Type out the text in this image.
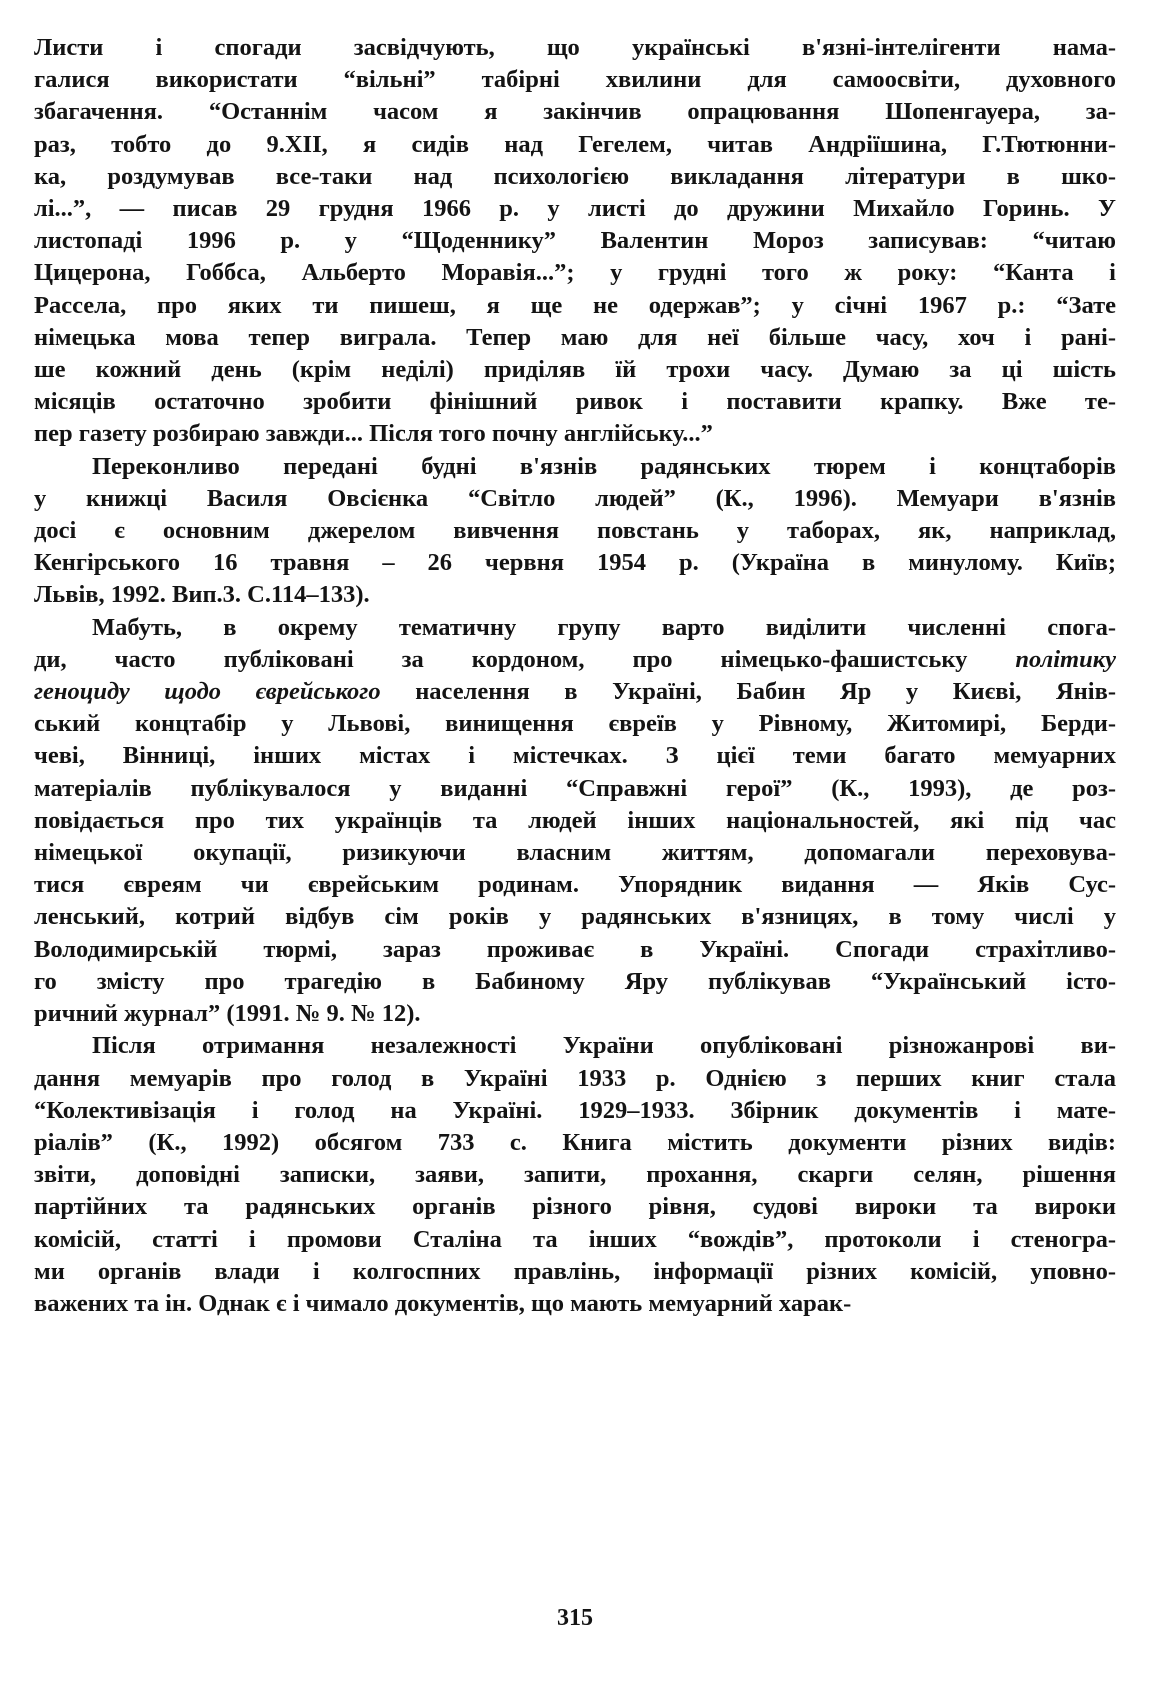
Листи і спогади засвідчують, що українські в'язні-інтелігенти нама-
галися використати “вільні” табірні хвилини для самоосвіти, духовного
збагачення. “Останнім часом я закінчив опрацювання Шопенгауера, за-
раз, тобто до 9.ХІІ, я сидів над Гегелем, читав Андріїшина, Г.Тютюнни-
ка, роздумував все-таки над психологією викладання літератури в шко-
лі...”, — писав 29 грудня 1966 р. у листі до дружини Михайло Горинь. У
листопаді 1996 р. у “Щоденнику” Валентин Мороз записував: “читаю
Цицерона, Гоббса, Альберто Моравія...”; у грудні того ж року: “Канта і
Рассела, про яких ти пишеш, я ще не одержав”; у січні 1967 р.: “Зате
німецька мова тепер виграла. Тепер маю для неї більше часу, хоч і рані-
ше кожний день (крім неділі) приділяв їй трохи часу. Думаю за ці шість
місяців остаточно зробити фінішний ривок і поставити крапку. Вже те-
пер газету розбираю завжди... Після того почну англійську...”
Переконливо передані будні в'язнів радянських тюрем і концтаборів
у книжці Василя Овсієнка “Світло людей” (К., 1996). Мемуари в'язнів
досі є основним джерелом вивчення повстань у таборах, як, наприклад,
Кенгірського 16 травня – 26 червня 1954 р. (Україна в минулому. Київ;
Львів, 1992. Вип.3. С.114–133).
Мабуть, в окрему тематичну групу варто виділити численні спога-
ди, часто публіковані за кордоном, про німецько-фашистську політику
геноциду щодо єврейського населення в Україні, Бабин Яр у Києві, Янів-
ський концтабір у Львові, винищення євреїв у Рівному, Житомирі, Берди-
чеві, Вінниці, інших містах і містечках. З цієї теми багато мемуарних
матеріалів публікувалося у виданні “Справжні герої” (К., 1993), де роз-
повідається про тих українців та людей інших національностей, які під час
німецької окупації, ризикуючи власним життям, допомагали переховува-
тися євреям чи єврейським родинам. Упорядник видання — Яків Сус-
ленський, котрий відбув сім років у радянських в'язницях, в тому числі у
Володимирській тюрмі, зараз проживає в Україні. Спогади страхітливо-
го змісту про трагедію в Бабиному Яру публікував “Український істо-
ричний журнал” (1991. № 9. № 12).
Після отримання незалежності України опубліковані різножанрові ви-
дання мемуарів про голод в Україні 1933 р. Однією з перших книг стала
“Колективізація і голод на Україні. 1929–1933. Збірник документів і мате-
ріалів” (К., 1992) обсягом 733 с. Книга містить документи різних видів:
звіти, доповідні записки, заяви, запити, прохання, скарги селян, рішення
партійних та радянських органів різного рівня, судові вироки та вироки
комісій, статті і промови Сталіна та інших “вождів”, протоколи і стеногра-
ми органів влади і колгоспних правлінь, інформації різних комісій, уповно-
важених та ін. Однак є і чимало документів, що мають мемуарний харак-
315
